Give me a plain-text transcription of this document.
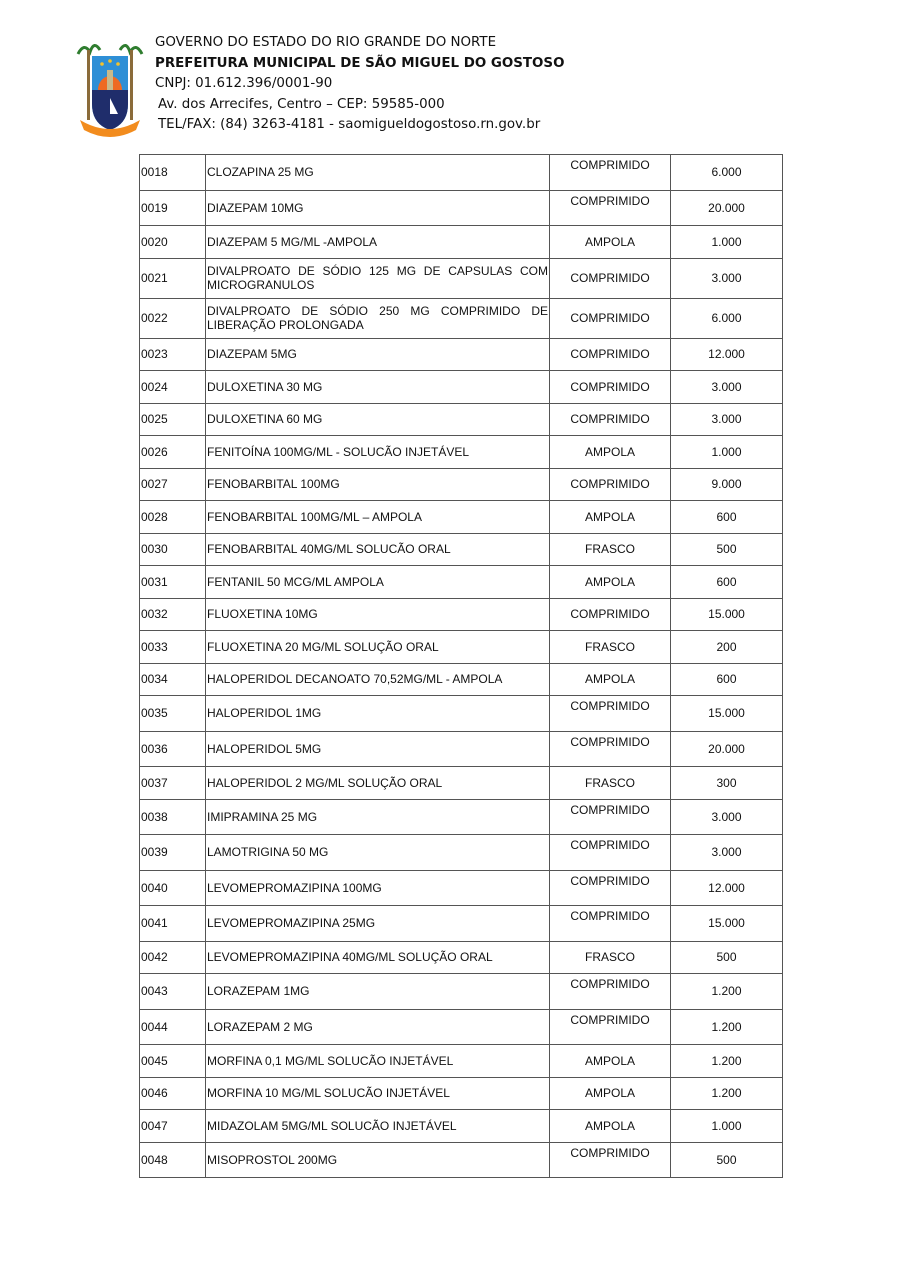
GOVERNO DO ESTADO DO RIO GRANDE DO NORTE
PREFEITURA MUNICIPAL DE SÃO MIGUEL DO GOSTOSO
CNPJ: 01.612.396/0001-90
Av. dos Arrecifes, Centro – CEP: 59585-000
TEL/FAX: (84) 3263-4181 - saomigueldogostoso.rn.gov.br
0018	CLOZAPINA 25 MG	COMPRIMIDO	6.000
0019	DIAZEPAM 10MG	COMPRIMIDO	20.000
0020	DIAZEPAM 5 MG/ML -AMPOLA	AMPOLA	1.000
0021	DIVALPROATO DE SÓDIO 125 MG DE CAPSULAS COM MICROGRANULOS	COMPRIMIDO	3.000
0022	DIVALPROATO DE SÓDIO 250 MG COMPRIMIDO DE LIBERAÇÃO PROLONGADA	COMPRIMIDO	6.000
0023	DIAZEPAM 5MG	COMPRIMIDO	12.000
0024	DULOXETINA 30 MG	COMPRIMIDO	3.000
0025	DULOXETINA 60 MG	COMPRIMIDO	3.000
0026	FENITOÍNA 100MG/ML - SOLUCÃO INJETÁVEL	AMPOLA	1.000
0027	FENOBARBITAL 100MG	COMPRIMIDO	9.000
0028	FENOBARBITAL 100MG/ML – AMPOLA	AMPOLA	600
0030	FENOBARBITAL 40MG/ML SOLUCÃO ORAL	FRASCO	500
0031	FENTANIL 50 MCG/ML AMPOLA	AMPOLA	600
0032	FLUOXETINA 10MG	COMPRIMIDO	15.000
0033	FLUOXETINA 20 MG/ML SOLUÇÃO ORAL	FRASCO	200
0034	HALOPERIDOL DECANOATO 70,52MG/ML - AMPOLA	AMPOLA	600
0035	HALOPERIDOL 1MG	COMPRIMIDO	15.000
0036	HALOPERIDOL 5MG	COMPRIMIDO	20.000
0037	HALOPERIDOL 2 MG/ML SOLUÇÃO ORAL	FRASCO	300
0038	IMIPRAMINA 25 MG	COMPRIMIDO	3.000
0039	LAMOTRIGINA 50 MG	COMPRIMIDO	3.000
0040	LEVOMEPROMAZIPINA 100MG	COMPRIMIDO	12.000
0041	LEVOMEPROMAZIPINA 25MG	COMPRIMIDO	15.000
0042	LEVOMEPROMAZIPINA 40MG/ML SOLUÇÃO ORAL	FRASCO	500
0043	LORAZEPAM 1MG	COMPRIMIDO	1.200
0044	LORAZEPAM 2 MG	COMPRIMIDO	1.200
0045	MORFINA 0,1 MG/ML SOLUCÃO INJETÁVEL	AMPOLA	1.200
0046	MORFINA 10 MG/ML SOLUCÃO INJETÁVEL	AMPOLA	1.200
0047	MIDAZOLAM 5MG/ML SOLUCÃO INJETÁVEL	AMPOLA	1.000
0048	MISOPROSTOL 200MG	COMPRIMIDO	500
